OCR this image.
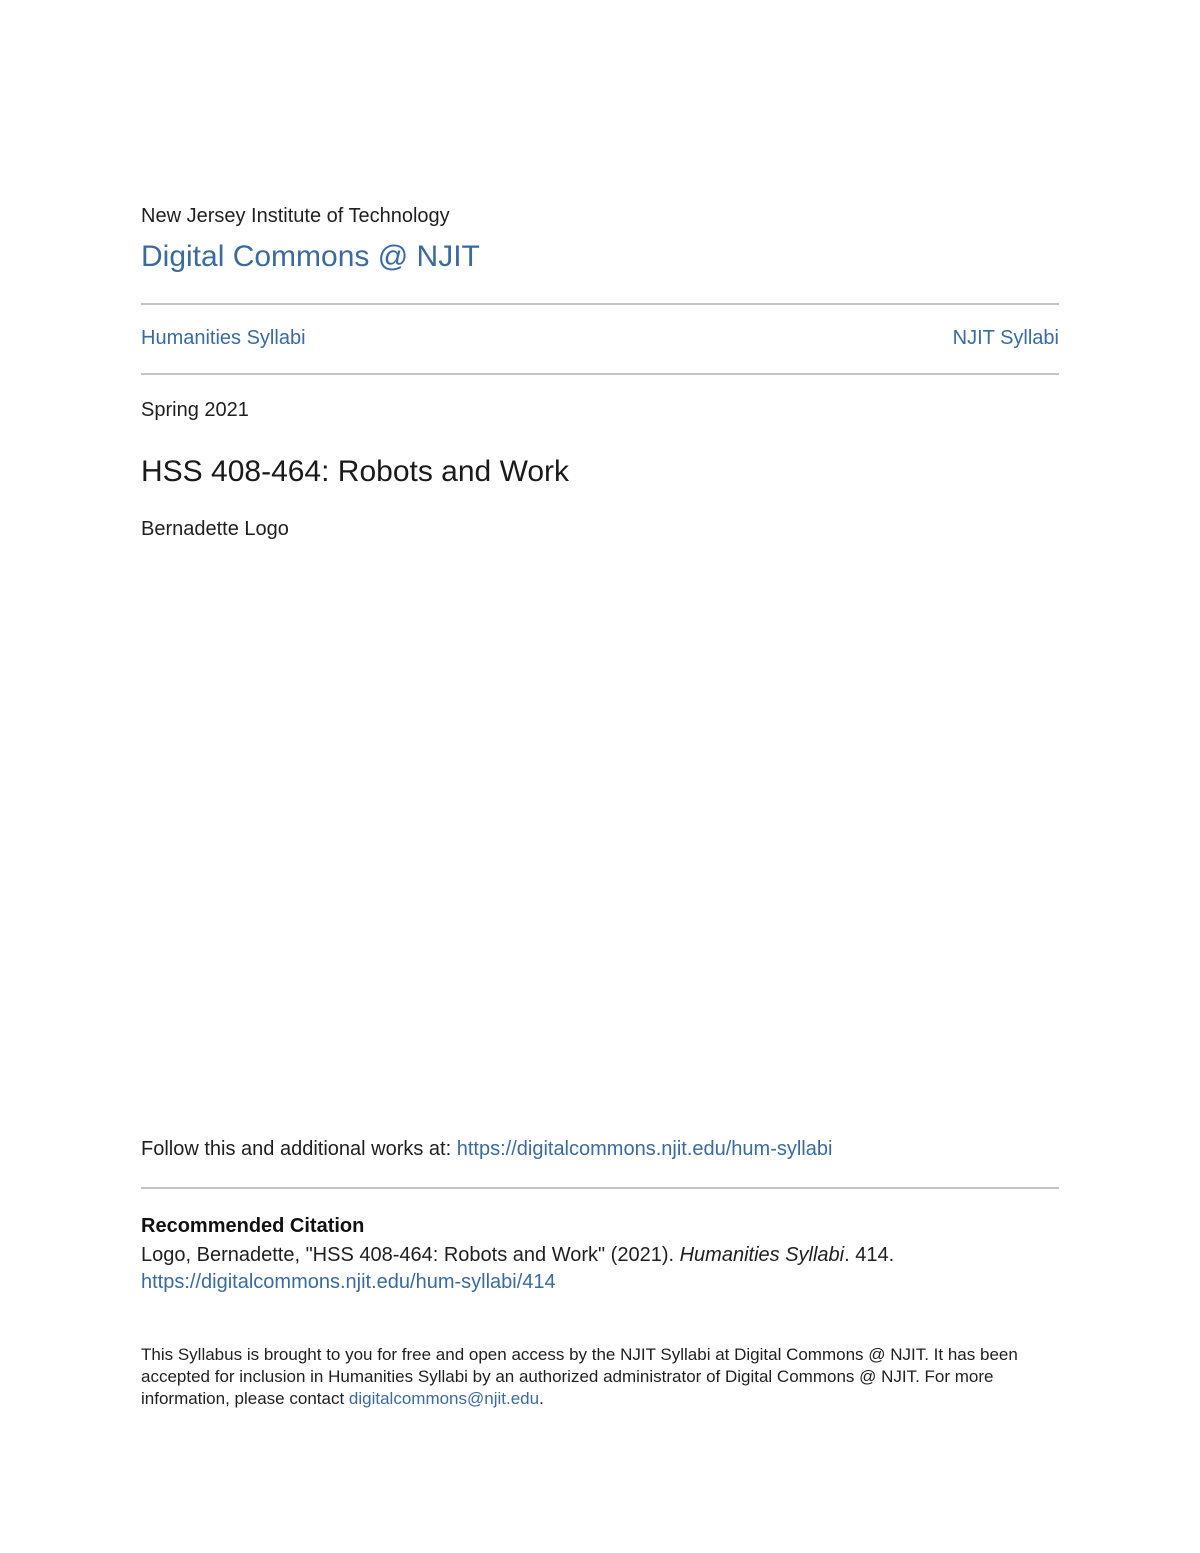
New Jersey Institute of Technology
Digital Commons @ NJIT
Humanities Syllabi	NJIT Syllabi
Spring 2021
HSS 408-464: Robots and Work
Bernadette Logo
Follow this and additional works at: https://digitalcommons.njit.edu/hum-syllabi
Recommended Citation
Logo, Bernadette, "HSS 408-464: Robots and Work" (2021). Humanities Syllabi. 414.
https://digitalcommons.njit.edu/hum-syllabi/414
This Syllabus is brought to you for free and open access by the NJIT Syllabi at Digital Commons @ NJIT. It has been accepted for inclusion in Humanities Syllabi by an authorized administrator of Digital Commons @ NJIT. For more information, please contact digitalcommons@njit.edu.
